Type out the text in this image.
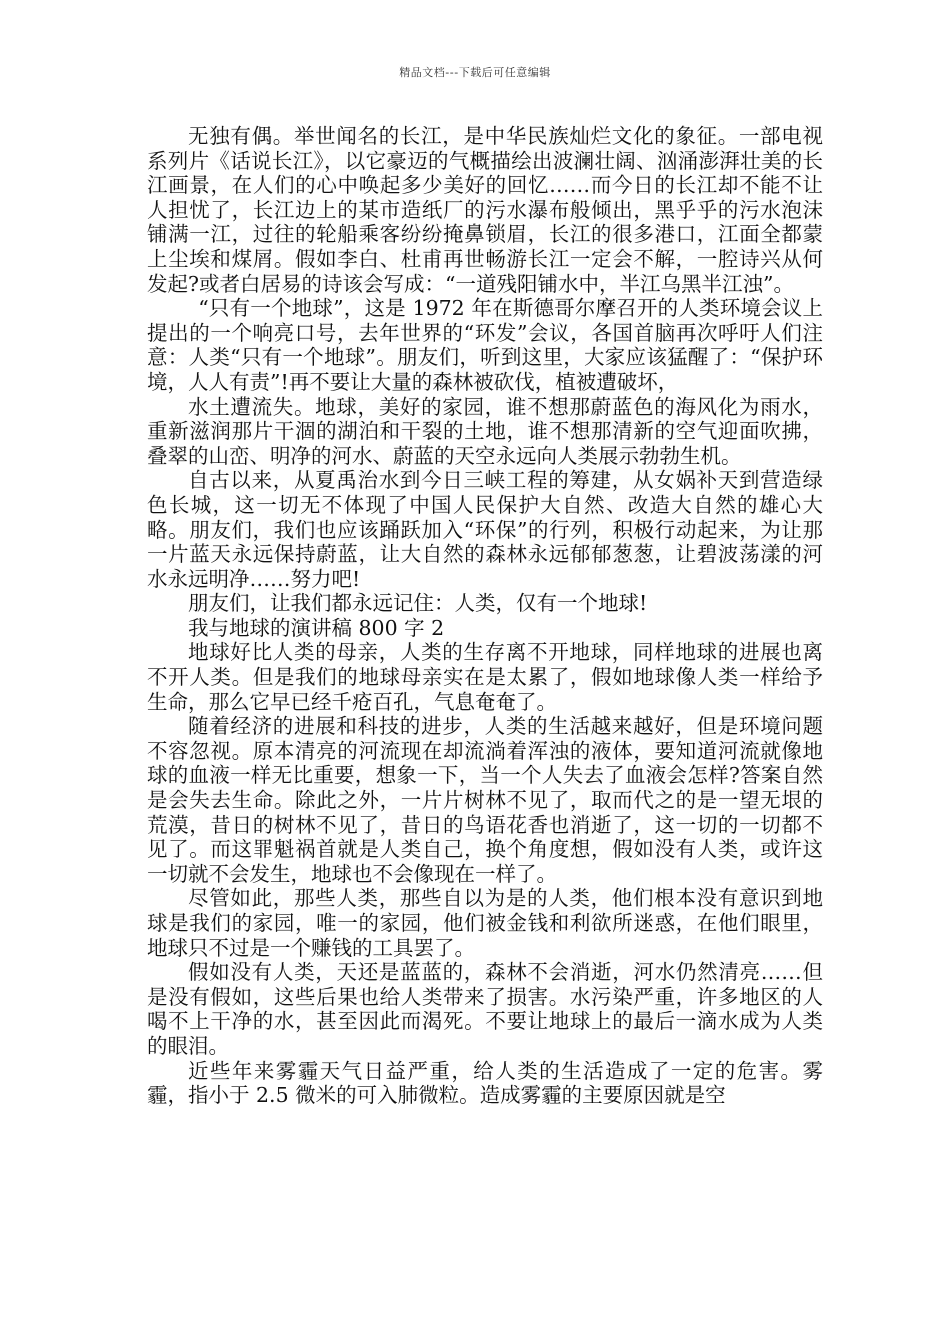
精品文档---下载后可任意编辑

无独有偶。举世闻名的长江，是中华民族灿烂文化的象征。一部电视系列片《话说长江》，以它豪迈的气概描绘出波澜壮阔、汹涌澎湃壮美的长江画景，在人们的心中唤起多少美好的回忆……而今日的长江却不能不让人担忧了，长江边上的某市造纸厂的污水瀑布般倾出，黑乎乎的污水泡沫铺满一江，过往的轮船乘客纷纷掩鼻锁眉，长江的很多港口，江面全都蒙上尘埃和煤屑。假如李白、杜甫再世畅游长江一定会不解，一腔诗兴从何发起?或者白居易的诗该会写成：“一道残阳铺水中，半江乌黑半江浊”。

“只有一个地球”，这是 1972 年在斯德哥尔摩召开的人类环境会议上提出的一个响亮口号，去年世界的“环发”会议，各国首脑再次呼吁人们注意：人类“只有一个地球”。朋友们，听到这里，大家应该猛醒了：“保护环境，人人有责”!再不要让大量的森林被砍伐，植被遭破坏，

水土遭流失。地球，美好的家园，谁不想那蔚蓝色的海风化为雨水，重新滋润那片干涸的湖泊和干裂的土地，谁不想那清新的空气迎面吹拂，叠翠的山峦、明净的河水、蔚蓝的天空永远向人类展示勃勃生机。

自古以来，从夏禹治水到今日三峡工程的筹建，从女娲补天到营造绿色长城，这一切无不体现了中国人民保护大自然、改造大自然的雄心大略。朋友们，我们也应该踊跃加入“环保”的行列，积极行动起来，为让那一片蓝天永远保持蔚蓝，让大自然的森林永远郁郁葱葱，让碧波荡漾的河水永远明净……努力吧!

朋友们，让我们都永远记住：人类，仅有一个地球!

我与地球的演讲稿 800 字 2

地球好比人类的母亲，人类的生存离不开地球，同样地球的进展也离不开人类。但是我们的地球母亲实在是太累了，假如地球像人类一样给予生命，那么它早已经千疮百孔，气息奄奄了。

随着经济的进展和科技的进步，人类的生活越来越好，但是环境问题不容忽视。原本清亮的河流现在却流淌着浑浊的液体，要知道河流就像地球的血液一样无比重要，想象一下，当一个人失去了血液会怎样?答案自然是会失去生命。除此之外，一片片树林不见了，取而代之的是一望无垠的荒漠，昔日的树林不见了，昔日的鸟语花香也消逝了，这一切的一切都不见了。而这罪魁祸首就是人类自己，换个角度想，假如没有人类，或许这一切就不会发生，地球也不会像现在一样了。

尽管如此，那些人类，那些自以为是的人类，他们根本没有意识到地球是我们的家园，唯一的家园，他们被金钱和利欲所迷惑，在他们眼里，地球只不过是一个赚钱的工具罢了。

假如没有人类，天还是蓝蓝的，森林不会消逝，河水仍然清亮……但是没有假如，这些后果也给人类带来了损害。水污染严重，许多地区的人喝不上干净的水，甚至因此而渴死。不要让地球上的最后一滴水成为人类的眼泪。

近些年来雾霾天气日益严重，给人类的生活造成了一定的危害。雾霾，指小于 2.5 微米的可入肺微粒。造成雾霾的主要原因就是空
